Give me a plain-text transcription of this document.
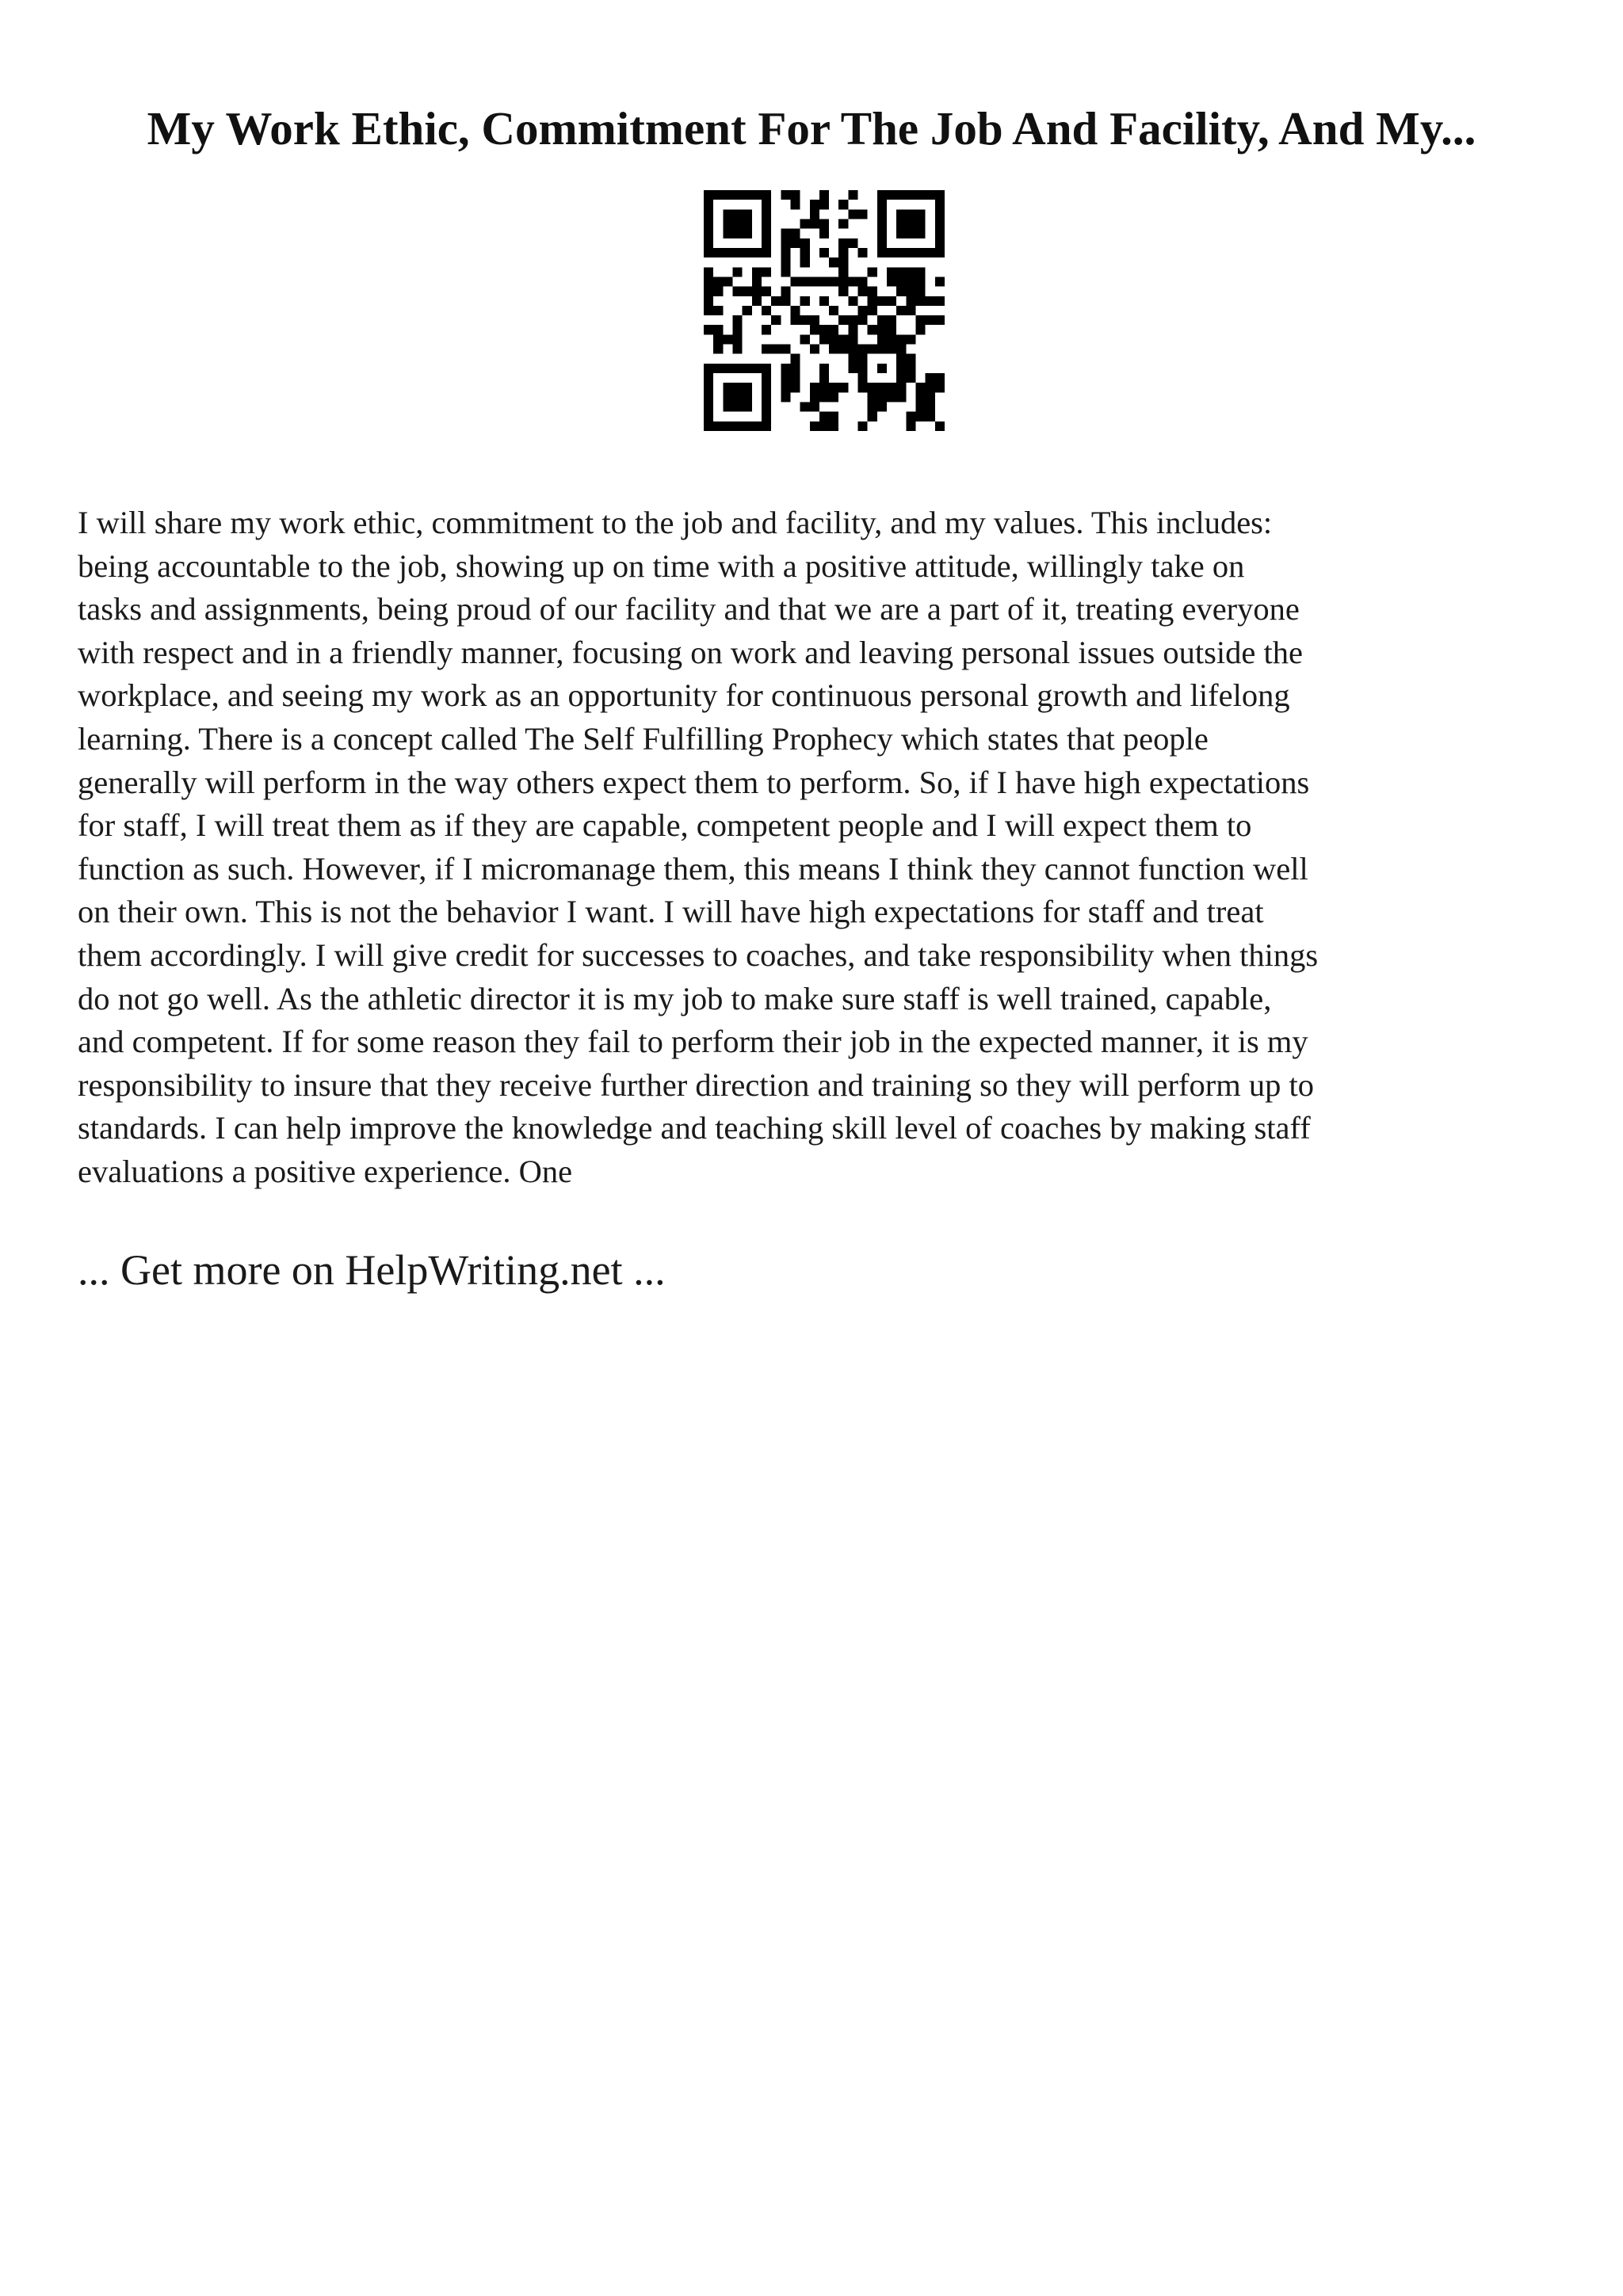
My Work Ethic, Commitment For The Job And Facility, And My...
I will share my work ethic, commitment to the job and facility, and my values. This includes:
being accountable to the job, showing up on time with a positive attitude, willingly take on
tasks and assignments, being proud of our facility and that we are a part of it, treating everyone
with respect and in a friendly manner, focusing on work and leaving personal issues outside the
workplace, and seeing my work as an opportunity for continuous personal growth and lifelong
learning. There is a concept called The Self Fulfilling Prophecy which states that people
generally will perform in the way others expect them to perform. So, if I have high expectations
for staff, I will treat them as if they are capable, competent people and I will expect them to
function as such. However, if I micromanage them, this means I think they cannot function well
on their own. This is not the behavior I want. I will have high expectations for staff and treat
them accordingly. I will give credit for successes to coaches, and take responsibility when things
do not go well. As the athletic director it is my job to make sure staff is well trained, capable,
and competent. If for some reason they fail to perform their job in the expected manner, it is my
responsibility to insure that they receive further direction and training so they will perform up to
standards. I can help improve the knowledge and teaching skill level of coaches by making staff
evaluations a positive experience. One
... Get more on HelpWriting.net ...
